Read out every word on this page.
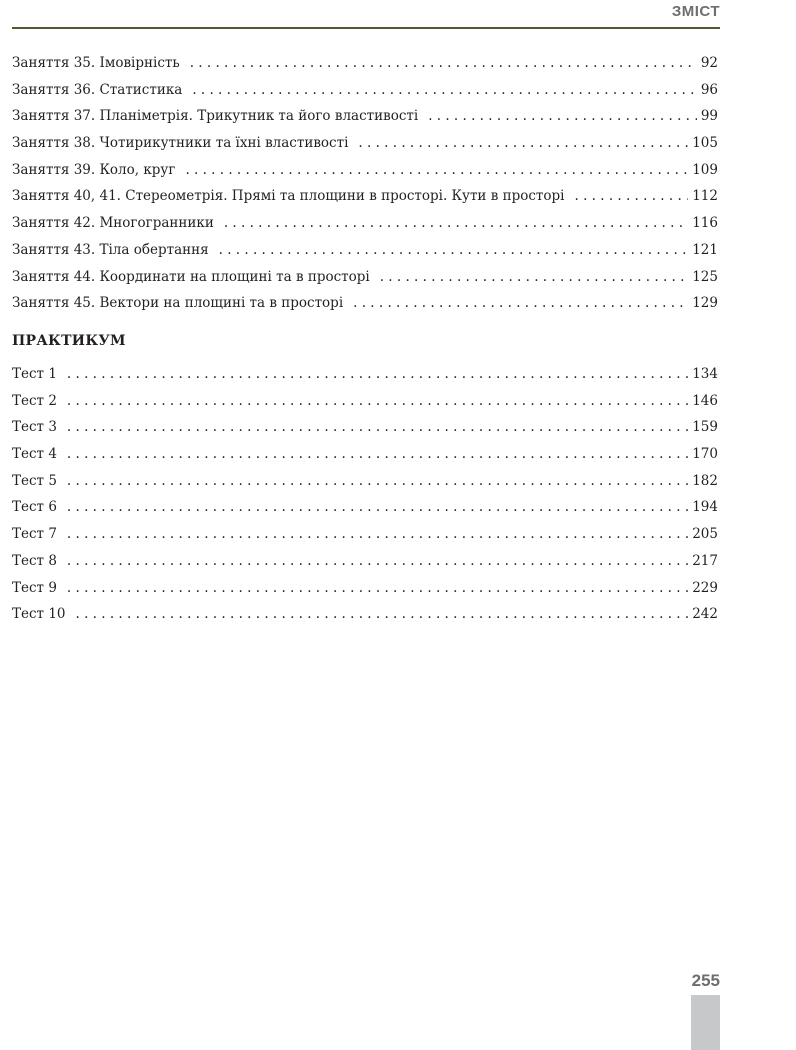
ЗМІСТ
Заняття 35. Імовірність . . .	92
Заняття 36. Статистика . . .	96
Заняття 37. Планіметрія. Трикутник та його властивості . . .	99
Заняття 38. Чотирикутники та їхні властивості . . .	105
Заняття 39. Коло, круг . . .	109
Заняття 40, 41. Стереометрія. Прямі та площини в просторі. Кути в просторі . . .	112
Заняття 42. Многогранники . . .	116
Заняття 43. Тіла обертання . . .	121
Заняття 44. Координати на площині та в просторі . . .	125
Заняття 45. Вектори на площині та в просторі . . .	129
ПРАКТИКУМ
Тест 1 . . .	134
Тест 2 . . .	146
Тест 3 . . .	159
Тест 4 . . .	170
Тест 5 . . .	182
Тест 6 . . .	194
Тест 7 . . .	205
Тест 8 . . .	217
Тест 9 . . .	229
Тест 10 . . .	242
255
